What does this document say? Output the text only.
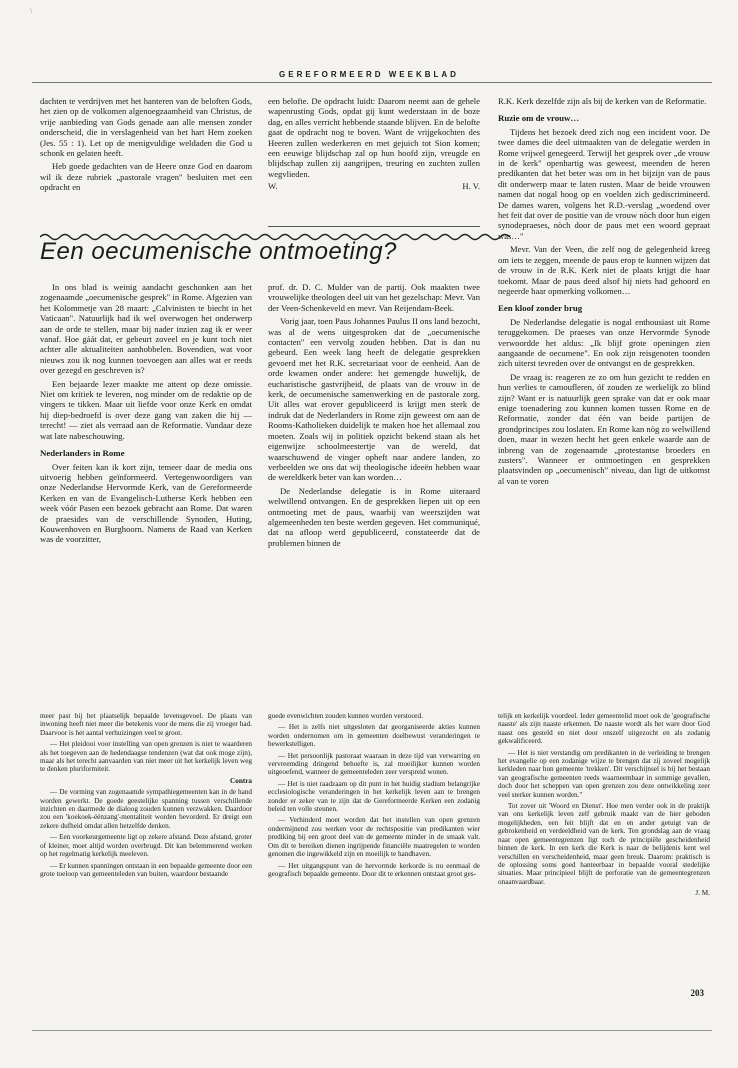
\
GEREFORMEERD WEEKBLAD

dachten te verdrijven met het hanteren van de beloften Gods, het zien op de volkomen algenoegzaamheid van Christus, de vrije aanbieding van Gods genade aan alle mensen zonder onderscheid, die in verslagenheid van het hart Hem zoeken (Jes. 55 : 1). Let op de menigvuldige weldaden die God u schonk en gelaten heeft.

Heb goede gedachten van de Heere onze God en daarom wil ik deze rubriek „pastorale vragen" besluiten met een opdracht en

een belofte. De opdracht luidt: Daarom neemt aan de gehele wapenrusting Gods, opdat gij kunt wederstaan in de boze dag, en alles verricht hebbende staande blijven. En de belofte gaat de opdracht nog te boven. Want de vrijgekochten des Heeren zullen wederkeren en met gejuich tot Sion komen; een eeuwige blijdschap zal op hun hoofd zijn, vreugde en blijdschap zullen zij aangrijpen, treuring en zuchten zullen wegvlieden.

W.	H. V.

R.K. Kerk dezelfde zijn als bij de kerken van de Reformatie.

Ruzie om de vrouw…

Tijdens het bezoek deed zich nog een incident voor. De twee dames die deel uitmaakten van de delegatie werden in Rome vrijwel genegeerd. Terwijl het gesprek over „de vrouw in de kerk" openhartig was geweest, meenden de heren predikanten dat het beter was om in het bijzijn van de paus dit onderwerp maar te laten rusten. Maar de beide vrouwen namen dat nogal hoog op en voelden zich gediscrimineerd. De dames waren, volgens het R.D.-verslag „woedend over het feit dat over de positie van de vrouw nòch door hun eigen synodepraeses, nòch door de paus met een woord gepraat was…"

Mevr. Van der Veen, die zelf nog de gelegenheid kreeg om iets te zeggen, meende de paus erop te kunnen wijzen dat de vrouw in de R.K. Kerk niet de plaats krijgt die haar toekomt. Maar de paus deed alsof hij niets had gehoord en negeerde haar opmerking volkomen…

Een kloof zonder brug

De Nederlandse delegatie is nogal enthousiast uit Rome teruggekomen. De praeses van onze Hervormde Synode verwoordde het aldus: „Ik blijf grote openingen zien aangaande de oecumene". En ook zijn reisgenoten toonden zich uiterst tevreden over de ontvangst en de gesprekken.

De vraag is: reageren ze zo om hun gezicht te redden en hun verlies te camoufleren, óf zouden ze werkelijk zo blind zijn? Want er is natuurlijk geen sprake van dat er ook maar enige toenadering zou kunnen komen tussen Rome en de Reformatie, zonder dat één van beide partijen de grondprincipes zou loslaten. En Rome kan nòg zo welwillend doen, maar in wezen hecht het geen enkele waarde aan de inbreng van de zogenaamde „protestantse broeders en zusters". Wanneer er ontmoetingen en gesprekken plaatsvinden op „oecumenisch" niveau, dan ligt de uitkomst al van te voren

Een oecumenische ontmoeting?

In ons blad is weinig aandacht geschonken aan het zogenaamde „oecumenische gesprek" in Rome. Afgezien van het Kolommetje van 28 maart: „Calvinisten te biecht in het Vaticaan". Natuurlijk had ik wel overwogen het onderwerp aan de orde te stellen, maar bij nader inzien zag ik er weer vanaf. Hoe gáát dat, er gebeurt zoveel en je kunt toch niet achter alle aktualiteiten aanhobbelen. Bovendien, wat voor nieuws zou ik nog kunnen toevoegen aan alles wat er reeds over gezegd en geschreven is?

Een bejaarde lezer maakte me attent op deze omissie. Niet om kritiek te leveren, nog minder om de redaktie op de vingers te tikken. Maar uit liefde voor onze Kerk en omdat hij diep-bedroefd is over deze gang van zaken die hij — terecht! — ziet als verraad aan de Reformatie. Vandaar deze wat late nabeschouwing.

Nederlanders in Rome

Over feiten kan ik kort zijn, temeer daar de media ons uitvoerig hebben geïnformeerd. Vertegenwoordigers van onze Nederlandse Hervormde Kerk, van de Gereformeerde Kerken en van de Evangelisch-Lutherse Kerk hebben een week vóór Pasen een bezoek gebracht aan Rome. Dat waren de praesides van de verschillende Synoden, Huting, Kouwenhoven en Burghoorn. Namens de Raad van Kerken was de voorzitter,

prof. dr. D. C. Mulder van de partij. Ook maakten twee vrouwelijke theologen deel uit van het gezelschap: Mevr. Van der Veen-Schenkeveld en mevr. Van Reijendam-Beek.

Vorig jaar, toen Paus Johannes Paulus II ons land bezocht, was al de wens uitgesproken dat de „oecumenische contacten" een vervolg zouden hebben. Dat is dan nu gebeurd. Een week lang heeft de delegatie gesprekken gevoerd met het R.K. secretariaat voor de eenheid. Aan de orde kwamen onder andere: het gemengde huwelijk, de eucharistische gastvrijheid, de plaats van de vrouw in de kerk, de oecumenische samenwerking en de pastorale zorg. Uit alles wat erover gepubliceerd is krijgt men sterk de indruk dat de Nederlanders in Rome zijn geweest om aan de Rooms-Katholieken duidelijk te maken hoe het allemaal zou moeten. Zoals wij in politiek opzicht bekend staan als het eigenwijze schoolmeestertje van de wereld, dat waarschuwend de vinger opheft naar andere landen, zo verbeelden we ons dat wij theologische ideeën hebben waar de wereldkerk beter van kan worden…

De Nederlandse delegatie is in Rome uiteraard welwillend ontvangen. En de gesprekken liepen uit op een ontmoeting met de paus, waarbij van weerszijden wat algemeenheden ten beste werden gegeven. Het communiqué, dat na afloop werd gepubliceerd, constateerde dat de problemen binnen de

meer past bij het plaatselijk bepaalde levensgevoel. De plaats van inwoning heeft niet meer die betekenis voor de mens die zij vroeger had. Daarvoor is het aantal verhuizingen veel te groot.

— Het pleidooi voor instelling van open grenzen is niet te waarderen als het toegeven aan de hedendaagse tendenzen (wat dat ook moge zijn), maar als het terecht aanvaarden van niet meer uit het kerkelijk leven weg te denken pluriformiteit.

Contra

— De vorming van zogenaamde sympathiegemeenten kan in de hand worden gewerkt. De goede geestelijke spanning tussen verschillende inzichten en daarmede de dialoog zouden kunnen verzwakken. Daardoor zou een 'koekoek-éénzang'-mentaliteit worden bevorderd. Er dreigt een zekere dufheid omdat allen hetzelfde denken.

— Een voorkeurgemeente ligt op zekere afstand. Deze afstand, groter of kleiner, moet altijd worden overbrugd. Dit kan belemmerend werken op het regelmatig kerkelijk meeleven.

— Er kunnen spanningen ontstaan in een bepaalde gemeente door een grote toeloop van gemeenteleden van buiten, waardoor bestaande

goede evenwichten zouden kunnen worden verstoord.

— Het is zelfs niet uitgesloten dat georganiseerde akties kunnen worden ondernomen om in gemeenten doelbewust veranderingen te bewerkstelligen.

— Het persoonlijk pastoraat waaraan in deze tijd van verwarring en vervreemding dringend behoefte is, zal moeilijker kunnen worden uitgeoefend, wanneer de gemeenteleden zeer verspreid wonen.

— Het is niet raadzaam op dit punt in het huidig stadium belangrijke ecclesiologische veranderingen in het kerkelijk leven aan te brengen zonder er zeker van te zijn dat de Gereformeerde Kerken een zodanig beleid ten volle steunen.

— Verhinderd moet worden dat het instellen van open grenzen ondermijnend zou werken voor de rechtspositie van predikanten wier prediking bij een groot deel van de gemeente minder in de smaak valt. Om dit te bereiken dienen ingrijpende financiële maatregelen te worden genomen die ingewikkeld zijn en moeilijk te handhaven.

— Het uitgangspunt van de hervormde kerkorde is nu eenmaal de geografisch bepaalde gemeente. Door dit te erkennen ontstaat groot ges-

telijk en kerkelijk voordeel. Ieder gemeentelid moet ook de 'geografische naaste' als zijn naaste erkennen. De naaste wordt als het ware door God naast ons gesteld en niet door onszelf uitgezocht en als zodanig gekwalificeerd.

— Het is niet verstandig om predikanten in de verleiding te brengen het evangelie op een zodanige wijze te brengen dat zij zoveel mogelijk kerkleden naar hun gemeente 'trekken'. Dit verschijnsel is bij het bestaan van geografische gemeenten reeds waarneembaar in sommige gevallen, doch door het scheppen van open grenzen zou deze ontwikkeling zeer veel sterker kunnen worden."

Tot zover uit 'Woord en Dienst'. Hoe men verder ook in de praktijk van ons kerkelijk leven zelf gebruik maakt van de hier geboden mogelijkheden, een feit blijft dat en en ander getuigt van de gebrokenheid en verdeeldheid van de kerk. Ten grondslag aan de vraag naar open gemeentegrenzen ligt toch de principiële gescheidenheid binnen de kerk. In een kerk die Kerk is naar de belijdenis kent wel verschillen en verscheidenheid, maar geen breuk. Daarom: praktisch is de oplossing soms goed hanteerbaar in bepaalde vooral stedelijke situaties. Maar principieel blijft de perforatie van de gemeentegrenzen onaanvaardbaar.

J. M.
203
